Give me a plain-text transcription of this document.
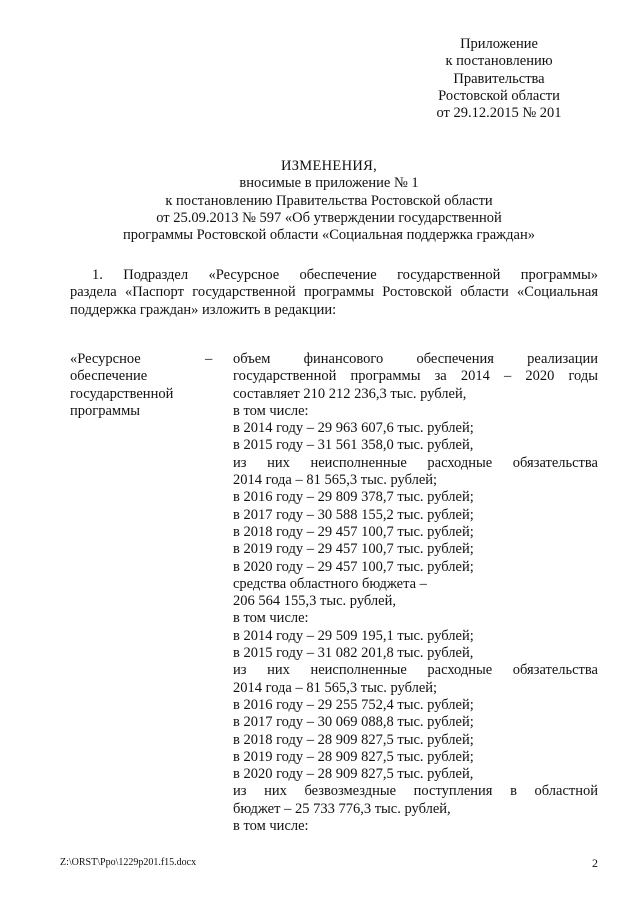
Приложение
к постановлению
Правительства
Ростовской области
от 29.12.2015 № 201
ИЗМЕНЕНИЯ,
вносимые в приложение № 1
к постановлению Правительства Ростовской области
от 25.09.2013 № 597 «Об утверждении государственной
программы Ростовской области «Социальная поддержка граждан»
1. Подраздел «Ресурсное обеспечение государственной программы»
раздела «Паспорт государственной программы Ростовской области «Социальная
поддержка граждан» изложить в редакции:
«Ресурсное
обеспечение
государственной
программы
– объем финансового обеспечения реализации
государственной программы за 2014 – 2020 годы
составляет 210 212 236,3 тыс. рублей,
в том числе:
в 2014 году – 29 963 607,6 тыс. рублей;
в 2015 году – 31 561 358,0 тыс. рублей,
из них неисполненные расходные обязательства
2014 года – 81 565,3 тыс. рублей;
в 2016 году – 29 809 378,7 тыс. рублей;
в 2017 году – 30 588 155,2 тыс. рублей;
в 2018 году – 29 457 100,7 тыс. рублей;
в 2019 году – 29 457 100,7 тыс. рублей;
в 2020 году – 29 457 100,7 тыс. рублей;
средства областного бюджета –
206 564 155,3 тыс. рублей,
в том числе:
в 2014 году – 29 509 195,1 тыс. рублей;
в 2015 году – 31 082 201,8 тыс. рублей,
из них неисполненные расходные обязательства
2014 года – 81 565,3 тыс. рублей;
в 2016 году – 29 255 752,4 тыс. рублей;
в 2017 году – 30 069 088,8 тыс. рублей;
в 2018 году – 28 909 827,5 тыс. рублей;
в 2019 году – 28 909 827,5 тыс. рублей;
в 2020 году – 28 909 827,5 тыс. рублей,
из них безвозмездные поступления в областной
бюджет – 25 733 776,3 тыс. рублей,
в том числе:
Z:\ORST\Ppo\1229p201.f15.docx	2
